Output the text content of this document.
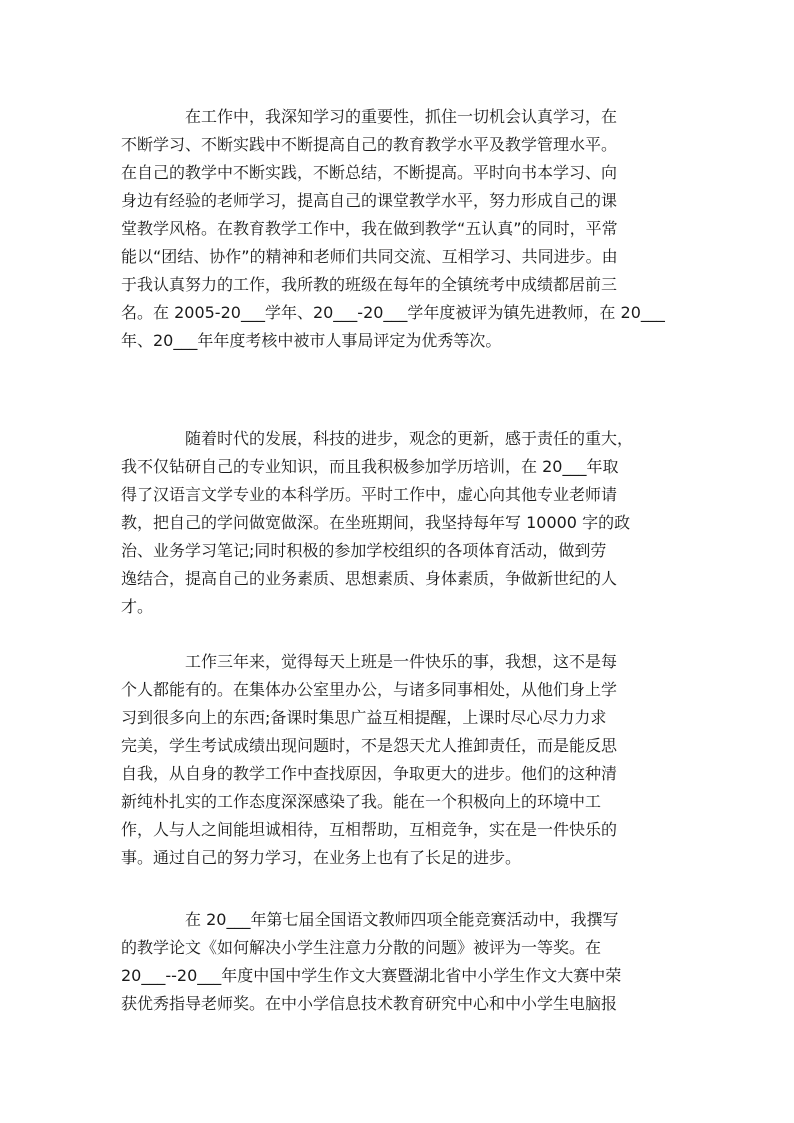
在工作中，我深知学习的重要性，抓住一切机会认真学习，在
不断学习、不断实践中不断提高自己的教育教学水平及教学管理水平。
在自己的教学中不断实践，不断总结，不断提高。平时向书本学习、向
身边有经验的老师学习，提高自己的课堂教学水平，努力形成自己的课
堂教学风格。在教育教学工作中，我在做到教学“五认真”的同时，平常
能以“团结、协作”的精神和老师们共同交流、互相学习、共同进步。由
于我认真努力的工作，我所教的班级在每年的全镇统考中成绩都居前三
名。在 2005-20___学年、20___-20___学年度被评为镇先进教师，在 20___
年、20___年年度考核中被市人事局评定为优秀等次。
随着时代的发展，科技的进步，观念的更新，感于责任的重大，
我不仅钻研自己的专业知识，而且我积极参加学历培训，在 20___年取
得了汉语言文学专业的本科学历。平时工作中，虚心向其他专业老师请
教，把自己的学问做宽做深。在坐班期间，我坚持每年写 10000 字的政
治、业务学习笔记;同时积极的参加学校组织的各项体育活动，做到劳
逸结合，提高自己的业务素质、思想素质、身体素质，争做新世纪的人
才。
工作三年来，觉得每天上班是一件快乐的事，我想，这不是每
个人都能有的。在集体办公室里办公，与诸多同事相处，从他们身上学
习到很多向上的东西;备课时集思广益互相提醒，上课时尽心尽力力求
完美，学生考试成绩出现问题时，不是怨天尤人推卸责任，而是能反思
自我，从自身的教学工作中查找原因，争取更大的进步。他们的这种清
新纯朴扎实的工作态度深深感染了我。能在一个积极向上的环境中工
作，人与人之间能坦诚相待，互相帮助，互相竞争，实在是一件快乐的
事。通过自己的努力学习，在业务上也有了长足的进步。
在 20___年第七届全国语文教师四项全能竞赛活动中，我撰写
的教学论文《如何解决小学生注意力分散的问题》被评为一等奖。在
20___--20___年度中国中学生作文大赛暨湖北省中小学生作文大赛中荣
获优秀指导老师奖。在中小学信息技术教育研究中心和中小学生电脑报
